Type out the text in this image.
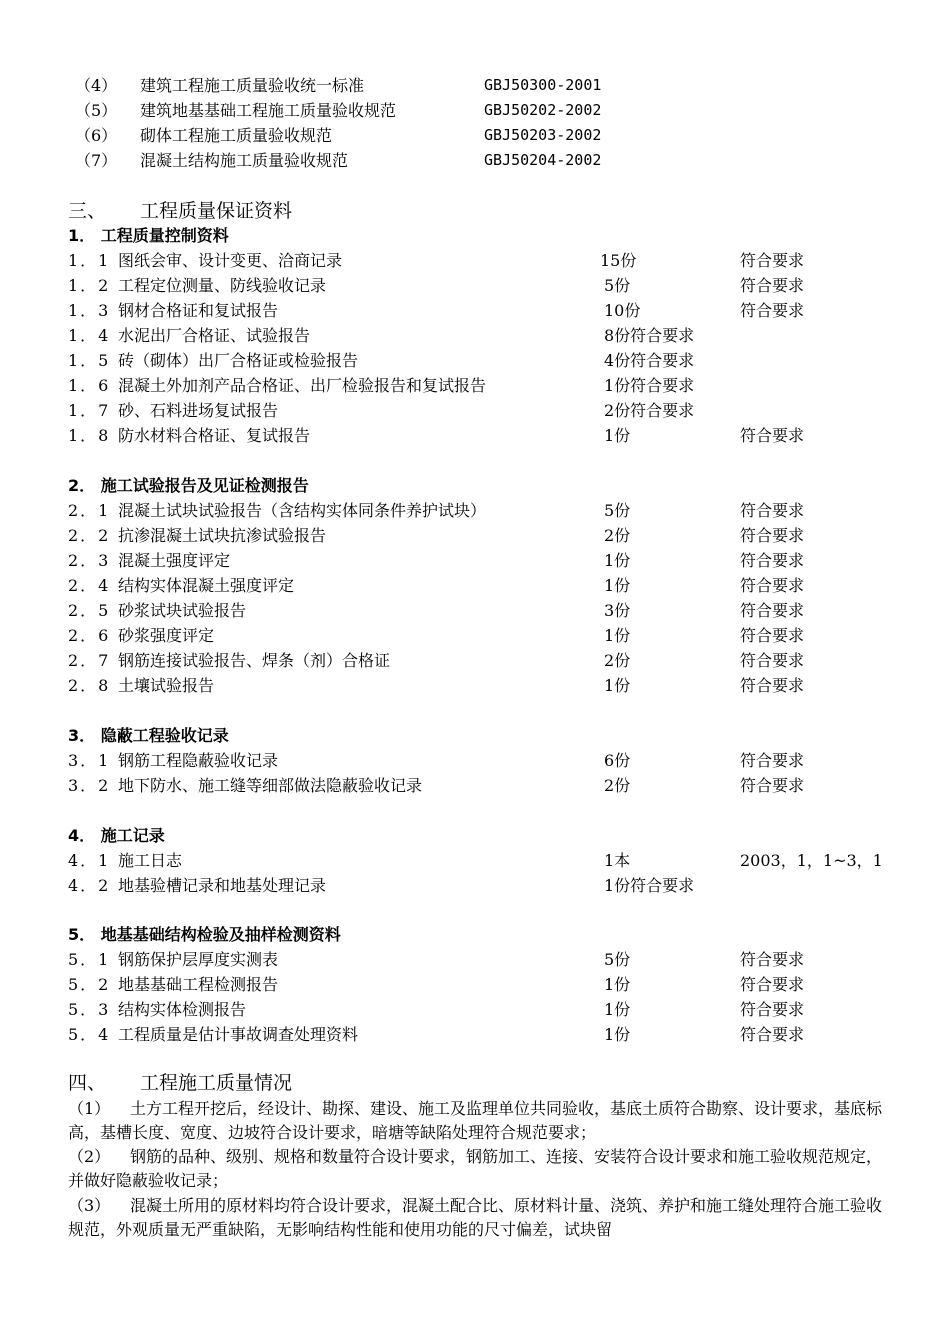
（4） 建筑工程施工质量验收统一标准	GBJ50300-2001
（5） 建筑地基基础工程施工质量验收规范	GBJ50202-2002
（6） 砌体工程施工质量验收规范	GBJ50203-2002
（7） 混凝土结构施工质量验收规范	GBJ50204-2002
三、 工程质量保证资料
1． 工程质量控制资料
1．1 图纸会审、设计变更、洽商记录	15份	符合要求
1．2 工程定位测量、防线验收记录	5份	符合要求
1．3 钢材合格证和复试报告	10份	符合要求
1．4 水泥出厂合格证、试验报告	8份符合要求
1．5 砖（砌体）出厂合格证或检验报告	4份符合要求
1．6 混凝土外加剂产品合格证、出厂检验报告和复试报告	1份符合要求
1．7 砂、石料进场复试报告	2份符合要求
1．8 防水材料合格证、复试报告	1份	符合要求
2． 施工试验报告及见证检测报告
2．1 混凝土试块试验报告（含结构实体同条件养护试块）	5份	符合要求
2．2 抗渗混凝土试块抗渗试验报告	2份	符合要求
2．3 混凝土强度评定	1份	符合要求
2．4 结构实体混凝土强度评定	1份	符合要求
2．5 砂浆试块试验报告	3份	符合要求
2．6 砂浆强度评定	1份	符合要求
2．7 钢筋连接试验报告、焊条（剂）合格证	2份	符合要求
2．8 土壤试验报告	1份	符合要求
3． 隐蔽工程验收记录
3．1 钢筋工程隐蔽验收记录	6份	符合要求
3．2 地下防水、施工缝等细部做法隐蔽验收记录	2份	符合要求
4． 施工记录
4．1 施工日志	1本	2003，1，1~3，1
4．2 地基验槽记录和地基处理记录	1份符合要求
5． 地基基础结构检验及抽样检测资料
5．1 钢筋保护层厚度实测表	5份	符合要求
5．2 地基基础工程检测报告	1份	符合要求
5．3 结构实体检测报告	1份	符合要求
5．4 工程质量是估计事故调查处理资料	1份	符合要求
四、 工程施工质量情况
（1） 土方工程开挖后，经设计、勘探、建设、施工及监理单位共同验收，基底土质符合勘察、设计要求，基底标高，基槽长度、宽度、边坡符合设计要求，暗塘等缺陷处理符合规范要求；
（2） 钢筋的品种、级别、规格和数量符合设计要求，钢筋加工、连接、安装符合设计要求和施工验收规范规定，并做好隐蔽验收记录；
（3） 混凝土所用的原材料均符合设计要求，混凝土配合比、原材料计量、浇筑、养护和施工缝处理符合施工验收规范，外观质量无严重缺陷，无影响结构性能和使用功能的尺寸偏差，试块留
